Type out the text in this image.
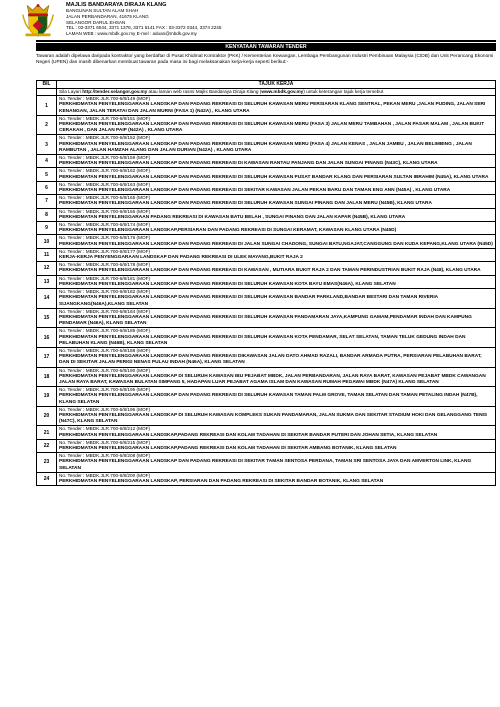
MAJLIS BANDARAYA DIRAJA KLANG
BANGUNAN SULTAN ALAM SHAH
JALAN PERBANDARAN, 41675 KLANG
SELANGOR DARUL EHSAN
TEL : 03-3371 6044, 3371 1376, 3371 6141 FAX : 03-3372 0344, 3374 2245
LAMAN WEB : www.mbdk.gov.my E-mel : aduan@mbdk.gov.my
KENYATAAN TAWARAN TENDER
Tawaran adalah dipelawa daripada kontraktor yang berdaftar di Pusat Khidmat Kontraktor (PKK) / Kementerian Kewangan, Lembaga Pembangunan Industri Pembinaan Malaysia (CIDB) dan Unit Perancang Ekonomi Negeri (UPEN) dan masih dibenarkan membuat tawaran pada masa ini bagi melaksanakan kerja-kerja seperti berikut:-
BIL	TAJUK KERJA
	Sila Layari http://tender.selangor.gov.my atau laman web rasmi Majlis Bandaraya Diraja Klang (www.mbdk.gov.my) untuk keterangan tajuk kerja tersebut
1	No. Tender : MBDK.JLR.700-6/8/149 (MOF)
PERKHIDMATAN PENYELENGGARAAN LANDSKAP DAN PADANG REKREASI DI SELURUH KAWASAN MERU PERSIARAN KLANG SENTRAL, PEKAN MERU ,JALAN PUDING, JALAN SERI KENANGAN, JALAN TERATAI DAN JALAN MURNI (FASA 1) (N42A) , KLANG UTARA

2	No. Tender : MBDK.JLR.700-6/8/151 (MOF)
PERKHIDMATAN PENYELENGGARAAN LANDSKAP DAN PADANG REKREASI DI SELURUH KAWASAN MERU (FASA 3) JALAN MERU TAMBAHAN , JALAN PASAR MALAM , JALAN BUKIT CERAKAH , DAN JALAN PAIP (N42A) , KLANG UTARA

3	No. Tender : MBDK.JLR.700-6/8/152 (MOF)
PERKHIDMATAN PENYELENGGARAAN LANDSKAP DAN PADANG REKREASI DI SELURUH KAWASAN MERU (FASA 4) JALAN KENAS , JALAN JAMBU , JALAN BELIMBING , JALAN RAMBUTAN , JALAN HAMZAH ALANG DAN JALAN DURIAN (N42A) , KLANG UTARA

4	No. Tender : MBDK.JLR.700-6/8/159 (MOF)
PERKHIDMATAN PENYELENGGARAAN LANDSKAP DAN PADANG REKREASI DI KAWASAN RANTAU PANJANG DAN JALAN SUNGAI PINANG (N43C), KLANG UTARA

5	No. Tender : MBDK.JLR.700-6/8/162 (MOF)
PERKHIDMATAN PENYELENGGARAAN LANDSKAP DAN PADANG REKREASI DI SELURUH KAWASAN PUSAT BANDAR KLANG DAN PERSIARAN SULTAN IBRAHIM (N45A), KLANG UTARA

6	No. Tender : MBDK.JLR.700-6/8/163 (MOF)
PERKHIDMATAN PENYELENGGARAAN LANDSKAP DAN PADANG REKREASI DI SEKITAR KAWASAN JALAN PEKAN BARU DAN TAMAN ENG ANN (N45A) , KLANG UTARA

7	No. Tender : MBDK.JLR.700-6/8/165 (MOF)
PERKHIDMATAN PENYELENGGARAAN LANDSKAP DAN PADANG REKREASI DI SELURUH KAWASAN SUNGAI PINANG DAN JALAN MERU (N45B), KLANG UTARA

8	No. Tender : MBDK.JLR.700-6/8/166 (MOF)
PERKHIDMATAN PENYELENGGARAAN PADANG REKREASI DI KAWASAN BATU BELAH , SUNGAI PINANG DAN JALAN KAPAR (N45B), KLANG UTARA

9	No. Tender : MBDK.JLR.700-6/8/174 (MOF)
PERKHIDMATAN PENYELENGGARAAN LANDSKAP,PERSIARAN DAN PADANG REKREASI DI SUNGAI KERAMAT, KAWASAN KLANG UTARA (N45D)

10	No. Tender : MBDK.JLR.700-6/8/176 (MOF)
PERKHIDMATAN PENYELENGGARAAN LANDSKAP DAN PADANG REKREASI DI JALAN SUNGAI CHADONG, SUNGAI BATU,NGAJAT,CANGGUNG DAN KUDA KEPANG,KLANG UTARA (N45D)

11	No. Tender : MBDK.JLR.700-6/8/177 (MOF)
KERJA-KERJA PENYENGGARAAN LANDSKAP DAN PADANG REKREASI DI ULEK MAYANG,BUKIT RAJA 2

12	No. Tender : MBDK.JLR.700-6/8/178 (MOF)
PERKHIDMATAN PENYELENGGARAAN LANDSKAP DAN PADANG REKREASI DI KAWASAN , MUTIARA BUKIT RAJA 2 DAN TAMAN PERINDUSTRIAN BUKIT RAJA (N48), KLANG UTARA

13	No. Tender : MBDK.JLR.700-6/8/181 (MOF)
PERKHIDMATAN PENYELENGGARAAN LANDSKAP DAN PADANG REKREASI DI SELURUH KAWASAN KOTA BAYU EMAS(N46A), KLANG SELATAN

14	No. Tender : MBDK.JLR.700-6/8/182 (MOF)
PERKHIDMATAN PENYELENGGARAAN LANDSKAP DAN PADANG REKREASI DI SELURUH KAWASAN BANDAR PARKLAND,BANDAR BESTARI DAN TAMAN RIVERIA SIJANGKANG(N46A),KLANG SELATAN

15	No. Tender : MBDK.JLR.700-6/8/184 (MOF)
PERKHIDMATAN PENYELENGGARAAN LANDSKAP DAN PADANG REKREASI DI SELURUH KAWASAN PANDAMARAN JAYA,KAMPUNG GAMAM,PENDAMAR INDAH DAN KAMPUNG PENDAMAR (N46A), KLANG SELATAN

16	No. Tender : MBDK.JLR.700-6/8/185 (MOF)
PERKHIDMATAN PENYELENGGARAAN LANDSKAP DAN PADANG REKREASI DI SELURUH KAWASAN KOTA PENDAMAR, SELAT SELATAN, TAMAN TELUK GEDUNG INDAH DAN PELABUHAN KLANG (N46B), KLANG SELATAN

17	No. Tender : MBDK.JLR.700-6/8/188 (MOF)
PERKHIDMATAN PENYELENGGARAAN LANDSKAP DAN PADANG REKREASI DIKAWASAN JALAN DATO AHMAD RAZALI, BANDAR ARMADA PUTRA, PERSIARAN PELABUHAN BARAT, DAN DI SEKITAR JALAN PERIGI NENAS PULAU INDAH (N46A), KLANG SELATAN

18	No. Tender : MBDK.JLR.700-6/8/190 (MOF)
PERKHIDMATAN PENYELENGGARAAN LANDSKAP DI SELURUH KAWASAN IBU PEJABAT MBDK, JALAN PERBANDARAN, JALAN RAYA BARAT, KAWASAN PEJABAT MBDK CAWANGAN JALAN RAYA BARAT, KAWASAN BULATAN SIMPANG 5, HADAPAN LUAR PEJABAT AGAMA ISLAM DAN KAWASAN RUMAH PEGAWAI MBDK (N47A) KLANG SELATAN

19	No. Tender : MBDK.JLR.700-6/8/195 (MOF)
PERKHIDMATAN PENYELENGGARAAN LANDSKAP DAN PADANG REKREASI DI SELURUH KAWASAN TAMAN PALM GROVE, TAMAN SELATAN DAN TAMAN PETALING INDAH (N47B), KLANG SELATAN

20	No. Tender : MBDK.JLR.700-6/8/196 (MOF)
PERKHIDMATAN PENYELENGGARAAN LANDSKAP DI SELURUH KAWASAN KOMPLEKS SUKAN PANDAMARAN, JALAN SUKMA DAN SEKITAR STADIUM HOKI DAN GELANGGANG TENIS (N47C), KLANG SELATAN

21	No. Tender : MBDK.JLR.700-6/8/212 (MOF)
PERKHIDMATAN PENYELENGGARAAN LANDSKAP,PADANG REKREASI DAN KOLAM TADAHAN DI SEKITAR BANDAR PUTERI DAN JOHAN SETIA, KLANG SELATAN

22	No. Tender : MBDK.JLR.700-6/8/215 (MOF)
PERKHIDMATAN PENYELENGGARAAN LANDSKAP,PADANG REKREASI DAN KOLAM TADAHAN DI SEKITAR AMBANG BOTANIK, KLANG SELATAN

23	No. Tender : MBDK.JLR.700-6/8/208 (MOF)
PERKHIDMATAN PENYELENGGARAAN LANDSKAP DAN PADANG REKREASI DI SEKITAR TAMAN SENTOSA PERDANA, TAMAN SRI SENTOSA JAYA DAN AMVERTON LINK, KLANG SELATAN

24	No. Tender : MBDK.JLR.700-6/8/200 (MOF)
PERKHIDMATAN PENYELENGGARAAN LANDSKAP, PERSIARAN DAN PADANG REKREASI DI SEKITAR BANDAR BOTANIK, KLANG SELATAN
